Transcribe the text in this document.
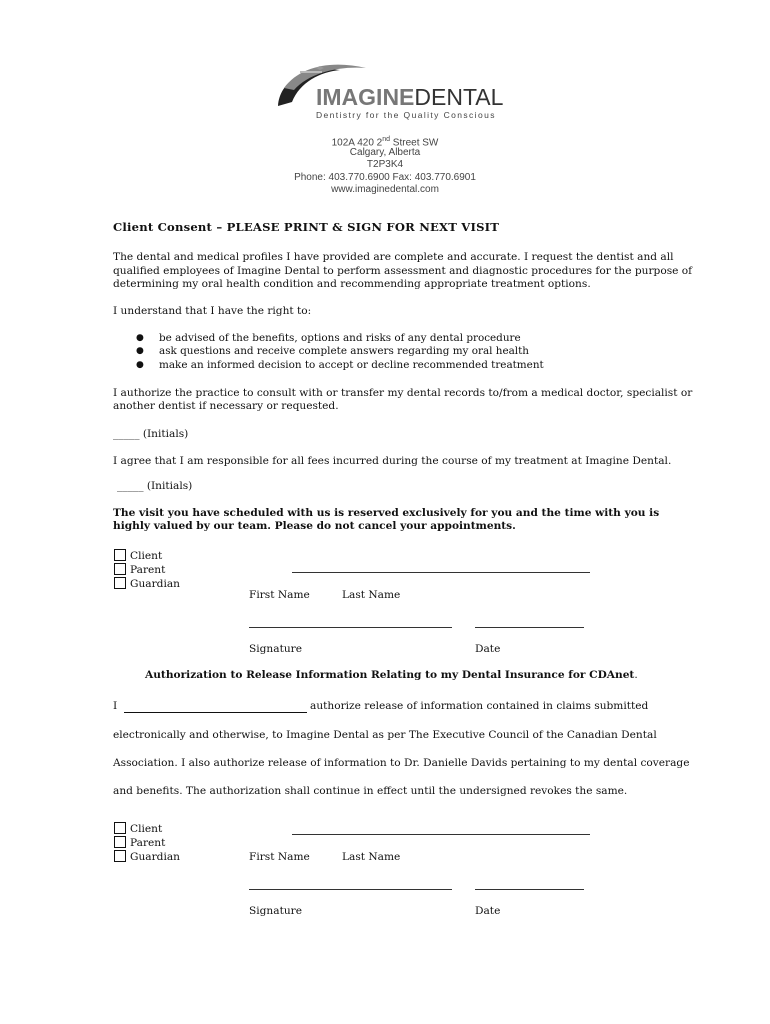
IMAGINEDENTAL
Dentistry for the Quality Conscious
102A 420 2nd Street SW
Calgary, Alberta
T2P3K4
Phone: 403.770.6900 Fax: 403.770.6901
www.imaginedental.com
Client Consent – PLEASE PRINT & SIGN FOR NEXT VISIT
The dental and medical profiles I have provided are complete and accurate. I request the dentist and all
qualified employees of Imagine Dental to perform assessment and diagnostic procedures for the purpose of
determining my oral health condition and recommending appropriate treatment options.
I understand that I have the right to:
● be advised of the benefits, options and risks of any dental procedure
● ask questions and receive complete answers regarding my oral health
● make an informed decision to accept or decline recommended treatment
I authorize the practice to consult with or transfer my dental records to/from a medical doctor, specialist or
another dentist if necessary or requested.
_____ (Initials)
I agree that I am responsible for all fees incurred during the course of my treatment at Imagine Dental.
_____ (Initials)
The visit you have scheduled with us is reserved exclusively for you and the time with you is
highly valued by our team. Please do not cancel your appointments.
Client
Parent
Guardian
First Name	Last Name
Signature	Date
Authorization to Release Information Relating to my Dental Insurance for CDAnet.
I	authorize release of information contained in claims submitted
electronically and otherwise, to Imagine Dental as per The Executive Council of the Canadian Dental
Association. I also authorize release of information to Dr. Danielle Davids pertaining to my dental coverage
and benefits. The authorization shall continue in effect until the undersigned revokes the same.
Client
Parent
Guardian	First Name	Last Name
Signature	Date
